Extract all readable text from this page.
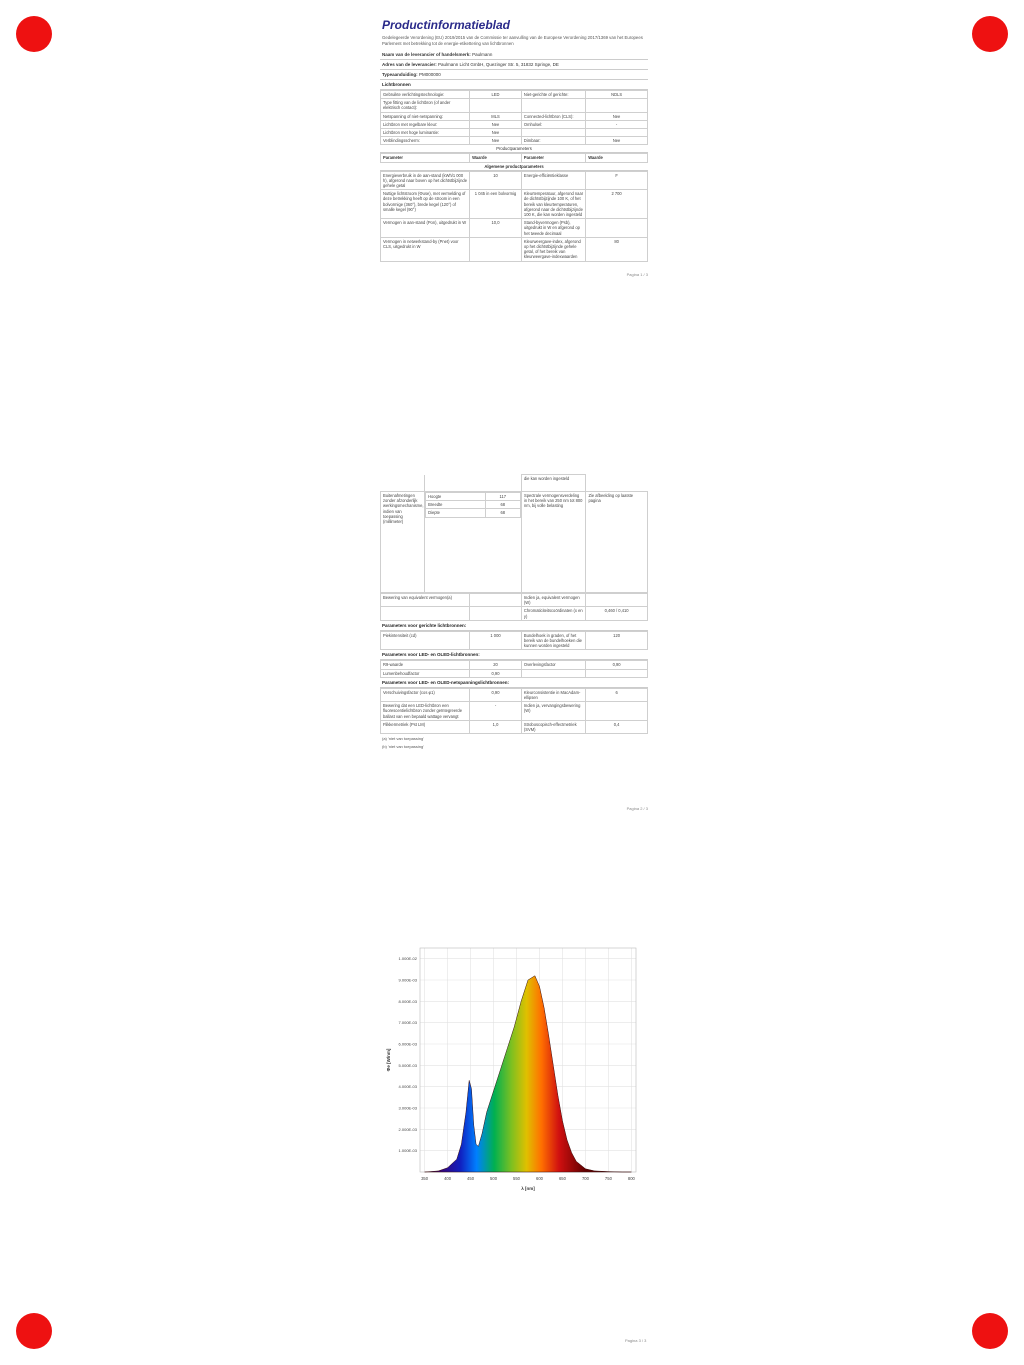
Productinformatieblad
Gedelegeerde Verordening (EU) 2019/2015 van de Commissie ter aanvulling van de Europese Verordening 2017/1369 van het Europees Parlement met betrekking tot de energie-etikettering van lichtbronnen
Naam van de leverancier of handelsmerk: Paulmann
Adres van de leverancier: Paulmann Licht GmbH, Quezinger Str. 5, 31832 Springe, DE
Typeaanduiding: PM000000
Lichtbronnen
Gebruikte verlichtingstechnologie:	LED	Niet-gerichte of gerichte:	NDLS
Type fitting van de lichtbron (of ander elektrisch contact):			
Netspanning of niet-netspanning:	MLS	Connected-lichtbron (CLS):	Nee
Lichtbron met regelbare kleur:	Nee	Omhulsel:	-
Lichtbron met hoge luminantie:	Nee		
Verblindingsscherm:	Nee	Dimbaar:	Nee
Productparameters
Parameter	Waarde	Parameter	Waarde
Algemene productparameters
Energieverbruik in de aan-stand (kWh/1 000 h), afgerond naar boven op het dichtstbijzijnde gehele getal	10	Energie-efficiëntieklasse	F
Nuttige lichtstroom (Φuse), met vermelding of deze betrekking heeft op de stroom in een bolvormige (360°), brede kegel (120°) of smalle kegel (90°)	1 045 in een bolvormig	Kleurtemperatuur, afgerond naar de dichtstbijzijnde 100 K, of het bereik van kleurtemperaturen, afgerond naar de dichtstbijzijnde 100 K, die kan worden ingesteld	2 700
Vermogen in aan-stand (Pon), uitgedrukt in W	10,0	Stand-byvermogen (Psb), uitgedrukt in W en afgerond op het tweede decimaal	
Vermogen in netwerkstand-by (Pnet) voor CLS, uitgedrukt in W		Kleurweergave-index, afgerond op het dichtstbijzijnde gehele getal, of het bereik van kleurweergave-indexwaarden	80
Pagina 1 / 3
		die kan worden ingesteld	
Buitenafmetingen zonder afzonderlijk werkingsmechanisme, indien van toepassing (millimeter)	
Hoogte	117
Breedte	68
Diepte	68
	Spectrale vermogensverdeling in het bereik van 250 nm tot 800 nm, bij volle belasting	Zie afbeelding op laatste pagina
Bewering van equivalent vermogen(a)		Indien ja, equivalent vermogen (W)	
		Chromaticiteitscoördinaten (x en y)	0,460 / 0,410
Parameters voor gerichte lichtbronnen:
Piekintensiteit (cd)	1 000	Bundelhoek in graden, of het bereik van de bundelhoeken die kunnen worden ingesteld	120
Parameters voor LED- en OLED-lichtbronnen:
R9-waarde	20	Overlevingsfactor	0,90
Lumenbehoudfactor	0,90		
Parameters voor LED- en OLED-netspanningslichtbronnen:
Verschuivingsfactor (cos φ1)	0,90	Kleurconsistentie in MacAdam-ellipsen	6
Bewering dat een LED-lichtbron een fluorescentielichtbron zonder geïntegreerde ballast van een bepaald wattage vervangt	-	Indien ja, vervangingsbewering (W)	
Flikkermetriek (Pst LM)	1,0	Stroboscopisch-effectmetriek (SVM)	0,4
(a) 'niet van toepassing'
(b) 'niet van toepassing'
Pagina 2 / 3
1.000E-03
2.000E-03
3.000E-03
4.000E-03
5.000E-03
6.000E-03
7.000E-03
8.000E-03
9.000E-03
1.000E-02
350	400	450	500	550	600	650	700	750	800
λ [nm]
Φe [W/nm]
Pagina 3 / 3
